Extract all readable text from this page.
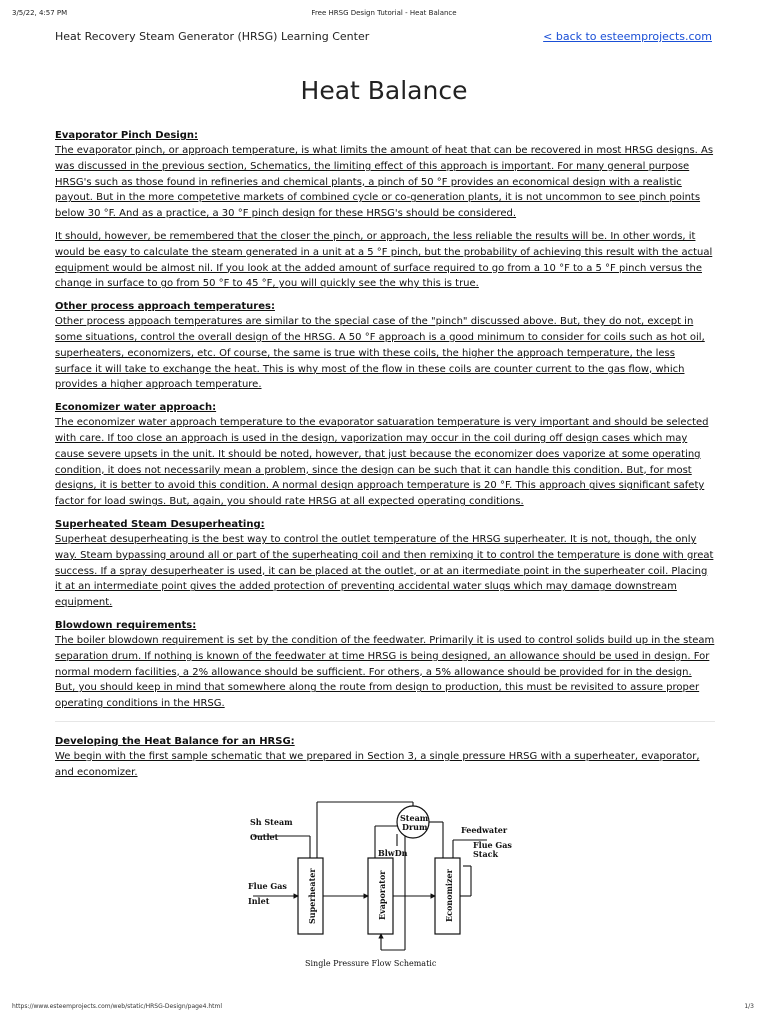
3/5/22, 4:57 PM	Free HRSG Design Tutorial - Heat Balance
Heat Recovery Steam Generator (HRSG) Learning Center	< back to esteemprojects.com
Heat Balance
Evaporator Pinch Design:

The evaporator pinch, or approach temperature, is what limits the amount of heat that can be recovered in most HRSG designs. As was discussed in the previous section, Schematics, the limiting effect of this approach is important. For many general purpose HRSG's such as those found in refineries and chemical plants, a pinch of 50 °F provides an economical design with a realistic payout. But in the more competetive markets of combined cycle or co-generation plants, it is not uncommon to see pinch points below 30 °F. And as a practice, a 30 °F pinch design for these HRSG's should be considered.

It should, however, be remembered that the closer the pinch, or approach, the less reliable the results will be. In other words, it would be easy to calculate the steam generated in a unit at a 5 °F pinch, but the probability of achieving this result with the actual equipment would be almost nil. If you look at the added amount of surface required to go from a 10 °F to a 5 °F pinch versus the change in surface to go from 50 °F to 45 °F, you will quickly see the why this is true.

Other process approach temperatures:

Other process appoach temperatures are similar to the special case of the "pinch" discussed above. But, they do not, except in some situations, control the overall design of the HRSG. A 50 °F approach is a good minimum to consider for coils such as hot oil, superheaters, economizers, etc. Of course, the same is true with these coils, the higher the approach temperature, the less surface it will take to exchange the heat. This is why most of the flow in these coils are counter current to the gas flow, which provides a higher approach temperature.

Economizer water approach:

The economizer water approach temperature to the evaporator satuaration temperature is very important and should be selected with care. If too close an approach is used in the design, vaporization may occur in the coil during off design cases which may cause severe upsets in the unit. It should be noted, however, that just because the economizer does vaporize at some operating condition, it does not necessarily mean a problem, since the design can be such that it can handle this condition. But, for most designs, it is better to avoid this condition. A normal design approach temperature is 20 °F. This approach gives significant safety factor for load swings. But, again, you should rate HRSG at all expected operating conditions.

Superheated Steam Desuperheating:

Superheat desuperheating is the best way to control the outlet temperature of the HRSG superheater. It is not, though, the only way. Steam bypassing around all or part of the superheating coil and then remixing it to control the temperature is done with great success. If a spray desuperheater is used, it can be placed at the outlet, or at an itermediate point in the superheater coil. Placing it at an intermediate point gives the added protection of preventing accidental water slugs which may damage downstream equipment.

Blowdown requirements:

The boiler blowdown requirement is set by the condition of the feedwater. Primarily it is used to control solids build up in the steam separation drum. If nothing is known of the feedwater at time HRSG is being designed, an allowance should be used in design. For normal modern facilities, a 2% allowance should be sufficient. For others, a 5% allowance should be provided for in the design. But, you should keep in mind that somewhere along the route from design to production, this must be revisited to assure proper operating conditions in the HRSG.

Developing the Heat Balance for an HRSG:

We begin with the first sample schematic that we prepared in Section 3, a single pressure HRSG with a superheater, evaporator, and economizer.

Sh Steam
Outlet
Steam
Drum
BlwDn
Feedwater
Flue Gas
Stack
Flue Gas
Inlet	Superheater	Evaporator	Economizer
Single Pressure Flow Schematic
https://www.esteemprojects.com/web/static/HRSG-Design/page4.html	1/3
